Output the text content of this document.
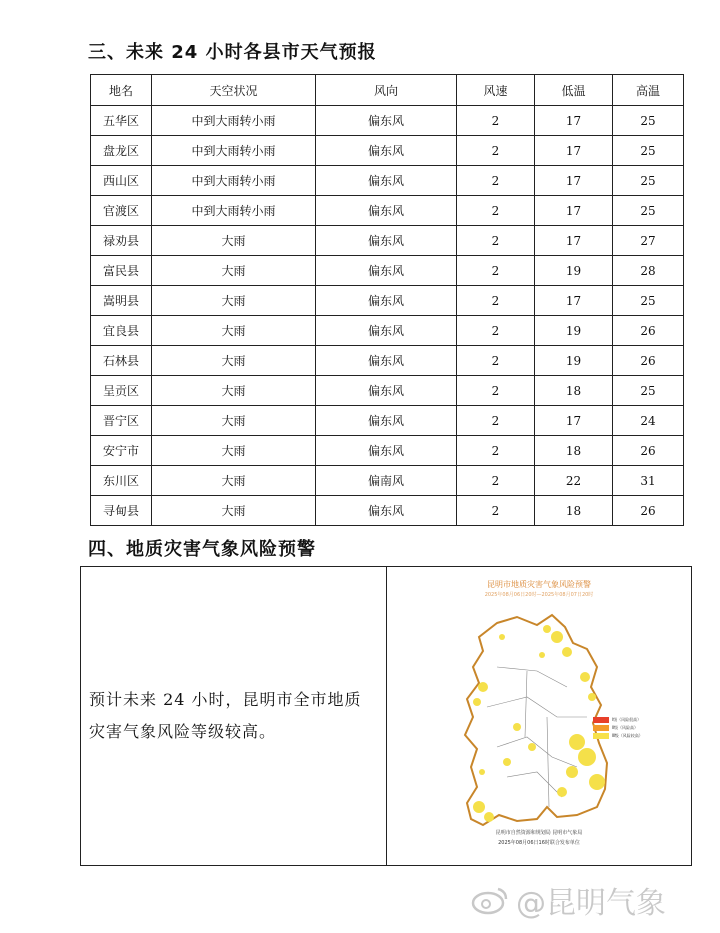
三、未来 24 小时各县市天气预报
地名	天空状况	风向	风速	低温	高温
五华区	中到大雨转小雨	偏东风	2	17	25
盘龙区	中到大雨转小雨	偏东风	2	17	25
西山区	中到大雨转小雨	偏东风	2	17	25
官渡区	中到大雨转小雨	偏东风	2	17	25
禄劝县	大雨	偏东风	2	17	27
富民县	大雨	偏东风	2	19	28
嵩明县	大雨	偏东风	2	17	25
宜良县	大雨	偏东风	2	19	26
石林县	大雨	偏东风	2	19	26
呈贡区	大雨	偏东风	2	18	25
晋宁区	大雨	偏东风	2	17	24
安宁市	大雨	偏东风	2	18	26
东川区	大雨	偏南风	2	22	31
寻甸县	大雨	偏东风	2	18	26
四、地质灾害气象风险预警
预计未来 24 小时，昆明市全市地质灾害气象风险等级较高。
昆明市地质灾害气象风险预警
2025年08月06日20时—2025年08月07日20时
Ⅰ级（风险很高）
Ⅱ级（风险高）
Ⅲ级（风险较高）
昆明市自然资源和规划局 昆明市气象局
2025年08月06日16时联合发布单位
@昆明气象
